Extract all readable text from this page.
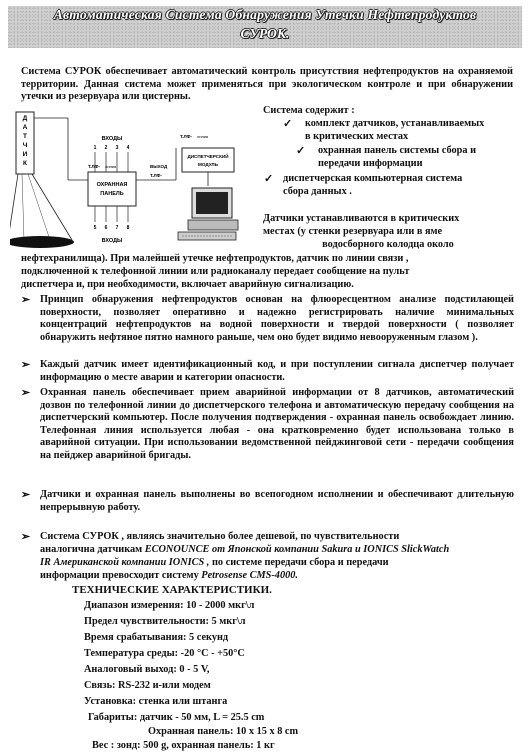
Автоматическая Система Обнаружения Утечки Нефтепродуктов
СУРОК.

Система СУРОК обеспечивает автоматический контроль присутствия нефтепродуктов на охраняемой территории. Данная система может применяться при экологическом контроле и при обнаружении утечки из резервуара или цистерны.

Система содержит :

✓ комплект датчиков, устанавливаемых

в критических местах

✓ охранная панель системы сбора и

передачи информации

✓ диспетчерская компьютерная система

сбора данных .

Д
А
Т
Ч
И
К
ВХОДЫ
1 2 3 4
ОХРАННАЯ
ПАНЕЛЬ
5 6 7 8
ВХОДЫ
Т.ЛФ- линия	ВЫХОД
Т.ЛФ-
Т.ЛФ- линия
ДИСПЕТЧЕРСКИЙ
МОДУЛЬ

Датчики устанавливаются в критических

местах (у стенки резервуара или в яме

водосборного колодца около

нефтехранилища). При малейшей утечке нефтепродуктов, датчик по линии связи ,

подключенной к телефонной линии или радиоканалу передает сообщение на пульт

диспетчера и, при необходимости, включает аварийную сигнализацию.

➢ Принцип обнаружения нефтепродуктов основан на флюоресцентном анализе подстилающей поверхности, позволяет оперативно и надежно регистрировать наличие минимальных концентраций нефтепродуктов на водной поверхности и твердой поверхности ( позволяет обнаружить нефтяное пятно намного раньше, чем оно будет видимо невооруженным глазом ).

➢ Каждый датчик имеет идентификационный код, и при поступлении сигнала диспетчер получает информацию о месте аварии и категории опасности.

➢ Охранная панель обеспечивает прием аварийной информации от 8 датчиков, автоматический дозвон по телефонной линии до диспетчерского телефона и автоматическую передачу сообщения на диспетчерский компьютер. После получения подтверждения - охранная панель освобождает линию. Телефонная линия используется любая - она кратковременно будет использована только в аварийной ситуации. При использовании ведомственной пейджинговой сети - передачи сообщения на пейджер аварийной бригады.

➢ Датчики и охранная панель выполнены во всепогодном исполнении и обеспечивают длительную непрерывную работу.

➢ Система СУРОК , являясь значительно более дешевой, по чувствительности

аналогична датчикам ECONOUNCE от Японской компании Sakura и IONICS SlickWatch

IR Американской компании IONICS , по системе передачи сбора и передачи

информации превосходит систему Petrosense CMS-4000.

ТЕХНИЧЕСКИЕ ХАРАКТЕРИСТИКИ.

Диапазон измерения: 10 - 2000 мкг\л

Предел чувствительности: 5 мкг\л

Время срабатывания: 5 секунд

Температура среды: -20 °C - +50°C

Аналоговый выход: 0 - 5 V,

Связь: RS-232 и-или модем

Установка: стенка или штанга

Габариты: датчик - 50 мм, L = 25.5 cm

Охранная панель: 10 x 15 x 8 cm

Вес : зонд: 500 g, охранная панель: 1 кг
